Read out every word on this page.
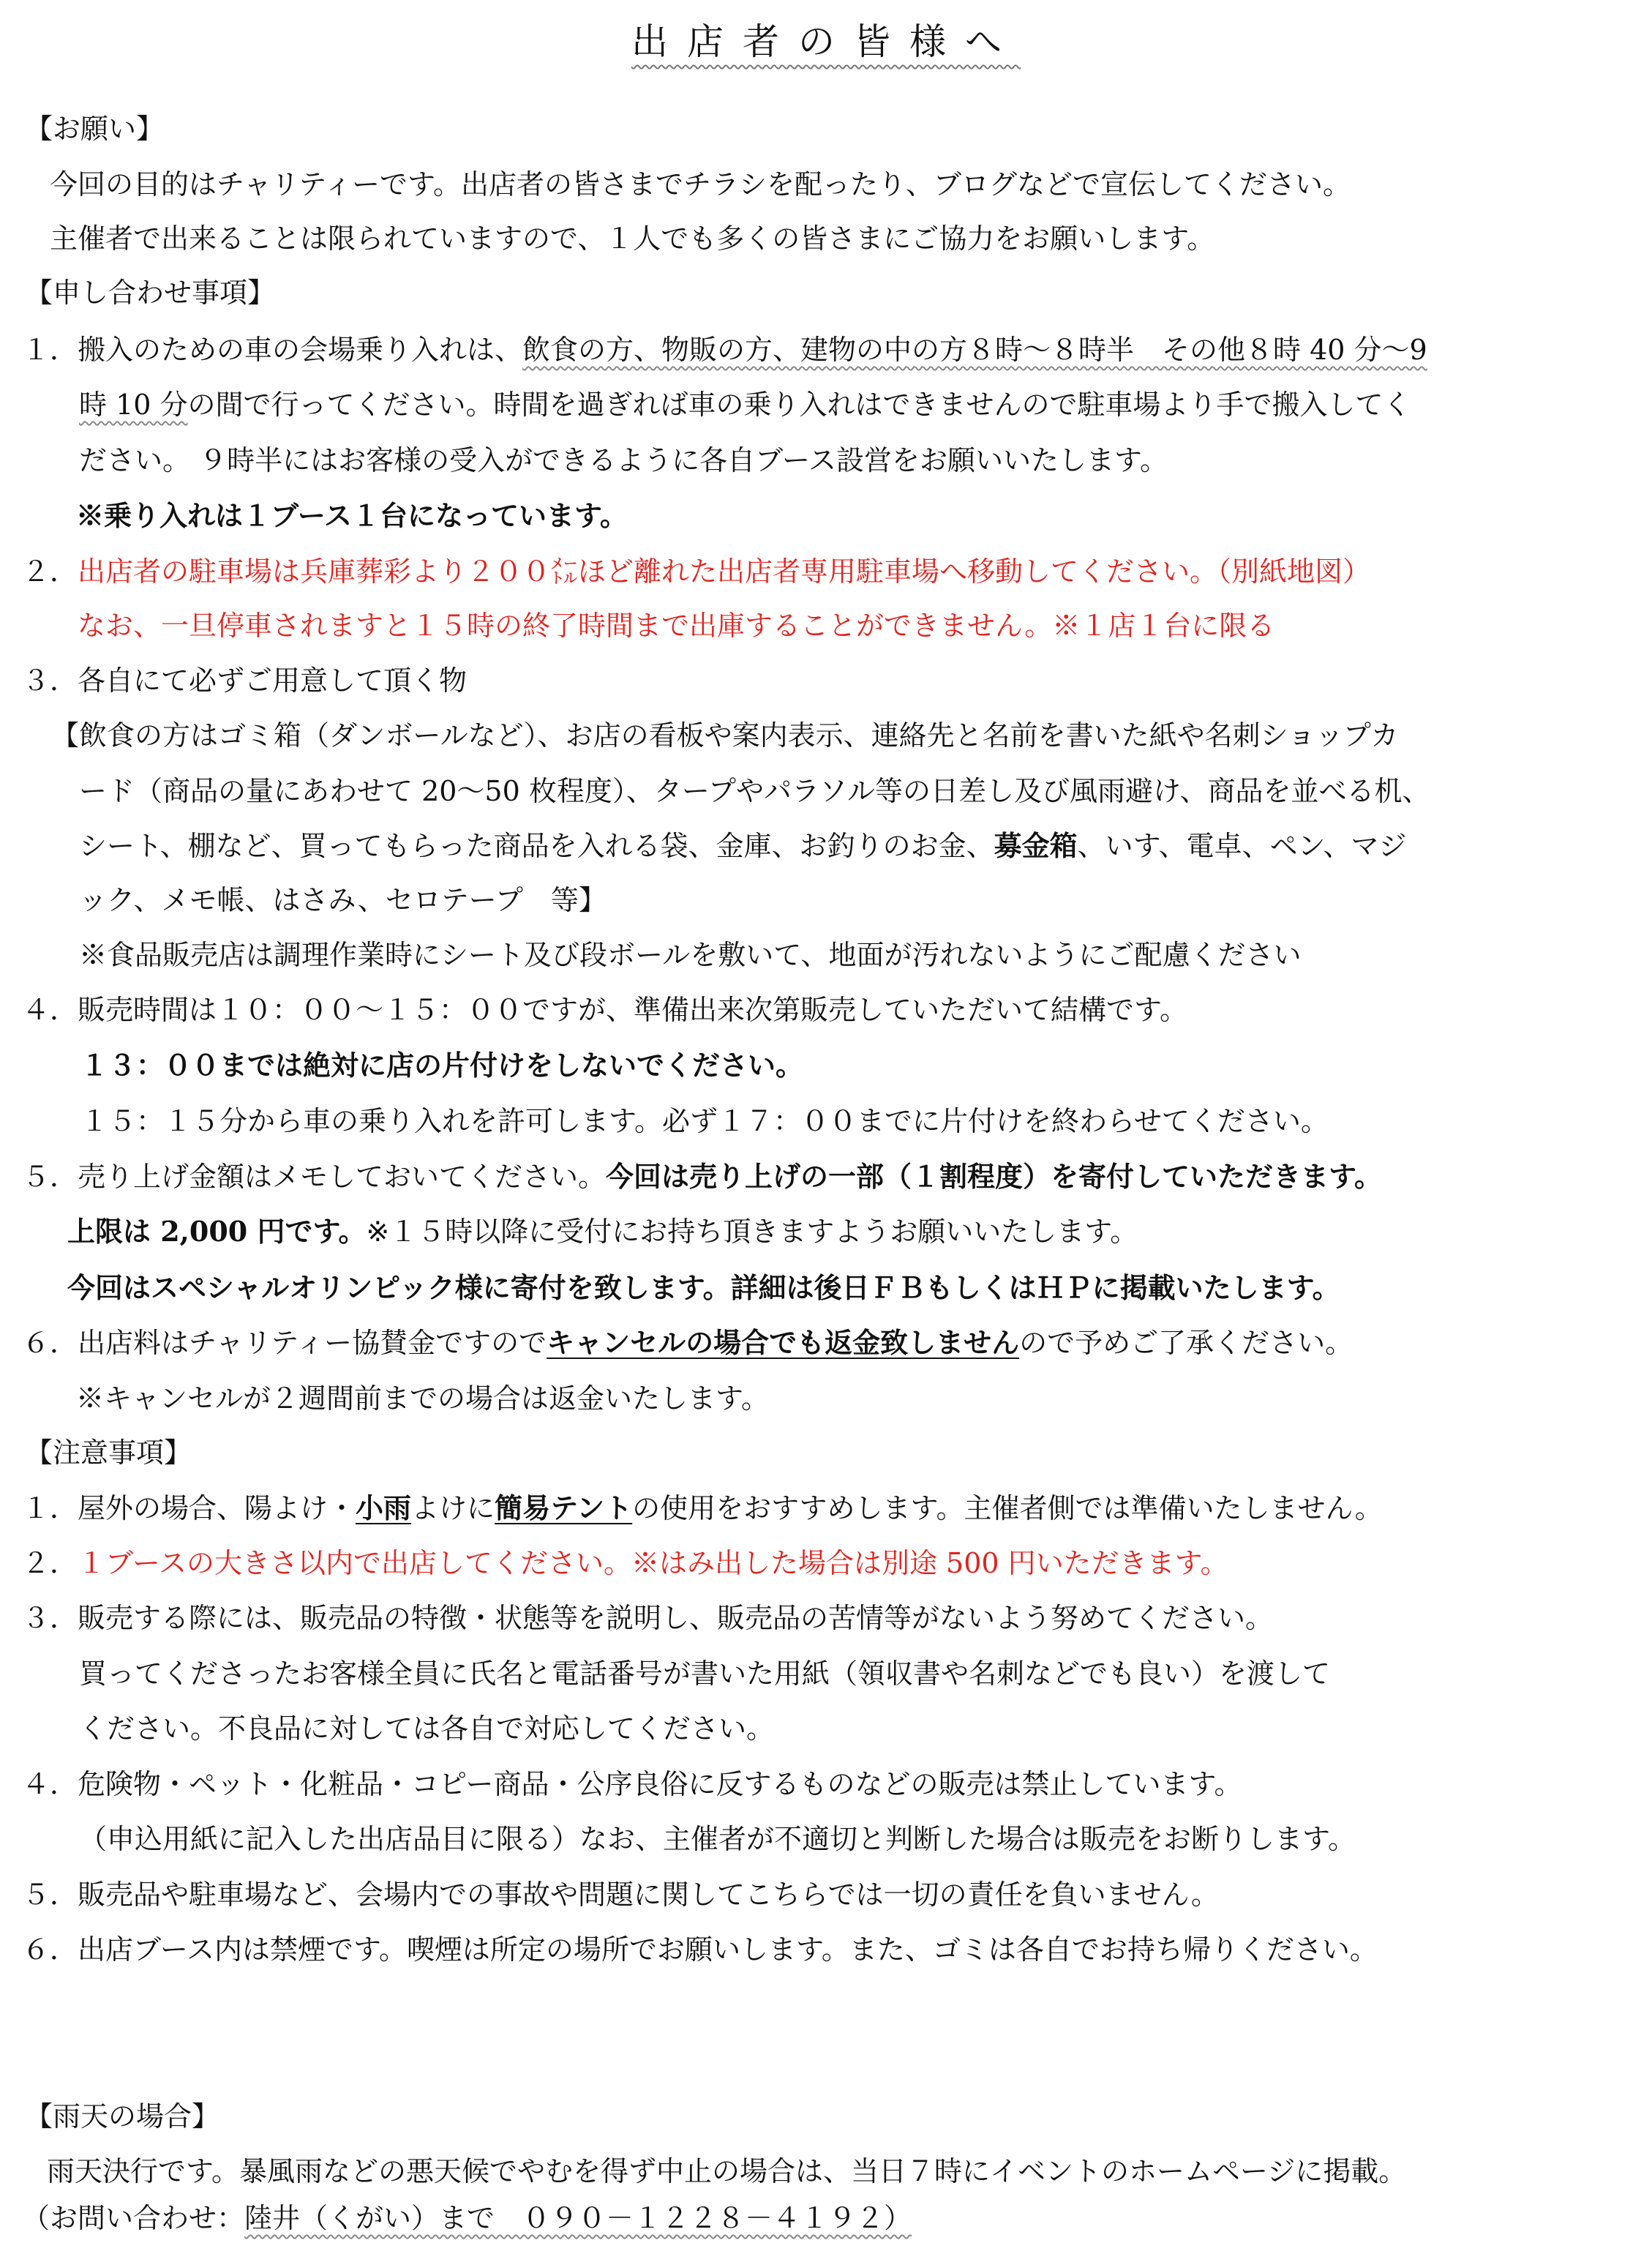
出店者の皆様へ
【お願い】
今回の目的はチャリティーです。出店者の皆さまでチラシを配ったり、ブログなどで宣伝してください。
主催者で出来ることは限られていますので、１人でも多くの皆さまにご協力をお願いします。
【申し合わせ事項】
１．搬入のための車の会場乗り入れは、飲食の方、物販の方、建物の中の方８時～８時半　その他８時 40 分～9
時 10 分の間で行ってください。時間を過ぎれば車の乗り入れはできませんので駐車場より手で搬入してく
ださい。 ９時半にはお客様の受入ができるように各自ブース設営をお願いいたします。
※乗り入れは１ブース１台になっています。
２．出店者の駐車場は兵庫葬彩より２００㍍ほど離れた出店者専用駐車場へ移動してください。（別紙地図）
なお、一旦停車されますと１５時の終了時間まで出庫することができません。※１店１台に限る
３．各自にて必ずご用意して頂く物
【飲食の方はゴミ箱（ダンボールなど）、お店の看板や案内表示、連絡先と名前を書いた紙や名刺ショップカ
ード（商品の量にあわせて 20～50 枚程度）、タープやパラソル等の日差し及び風雨避け、商品を並べる机、
シート、棚など、買ってもらった商品を入れる袋、金庫、お釣りのお金、募金箱、いす、電卓、ペン、マジ
ック、メモ帳、はさみ、セロテープ　等】
※食品販売店は調理作業時にシート及び段ボールを敷いて、地面が汚れないようにご配慮ください
４．販売時間は１０：００～１５：００ですが、準備出来次第販売していただいて結構です。
１３：００までは絶対に店の片付けをしないでください。
１５：１５分から車の乗り入れを許可します。必ず１７：００までに片付けを終わらせてください。
５．売り上げ金額はメモしておいてください。今回は売り上げの一部（１割程度）を寄付していただきます。
上限は 2,000 円です。※１５時以降に受付にお持ち頂きますようお願いいたします。
今回はスペシャルオリンピック様に寄付を致します。詳細は後日ＦＢもしくはＨＰに掲載いたします。
６．出店料はチャリティー協賛金ですのでキャンセルの場合でも返金致しませんので予めご了承ください。
※キャンセルが２週間前までの場合は返金いたします。
【注意事項】
１．屋外の場合、陽よけ・小雨よけに簡易テントの使用をおすすめします。主催者側では準備いたしません。
２．１ブースの大きさ以内で出店してください。※はみ出した場合は別途 500 円いただきます。
３．販売する際には、販売品の特徴・状態等を説明し、販売品の苦情等がないよう努めてください。
買ってくださったお客様全員に氏名と電話番号が書いた用紙（領収書や名刺などでも良い）を渡して
ください。不良品に対しては各自で対応してください。
４．危険物・ペット・化粧品・コピー商品・公序良俗に反するものなどの販売は禁止しています。
（申込用紙に記入した出店品目に限る）なお、主催者が不適切と判断した場合は販売をお断りします。
５．販売品や駐車場など、会場内での事故や問題に関してこちらでは一切の責任を負いません。
６．出店ブース内は禁煙です。喫煙は所定の場所でお願いします。また、ゴミは各自でお持ち帰りください。
【雨天の場合】
雨天決行です。暴風雨などの悪天候でやむを得ず中止の場合は、当日７時にイベントのホームページに掲載。
（お問い合わせ：陸井（くがい）まで　０９０－１２２８－４１９２）
